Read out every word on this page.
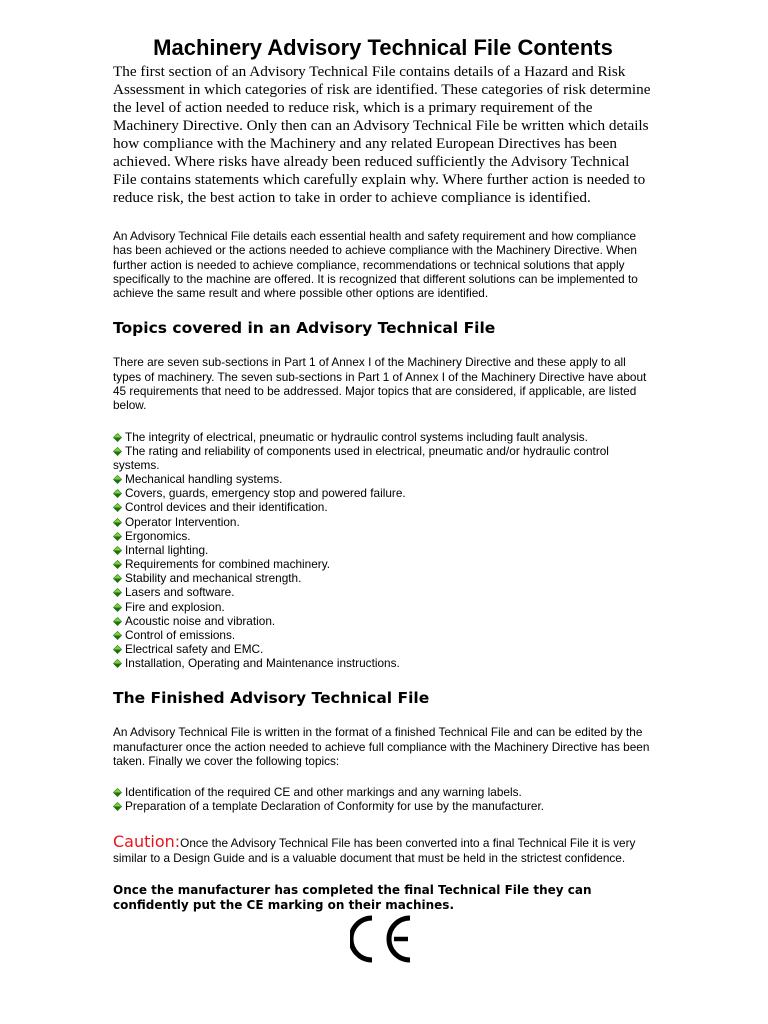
Machinery Advisory Technical File Contents

The first section of an Advisory Technical File contains details of a Hazard and Risk Assessment in which categories of risk are identified. These categories of risk determine the level of action needed to reduce risk, which is a primary requirement of the Machinery Directive. Only then can an Advisory Technical File be written which details how compliance with the Machinery and any related European Directives has been achieved. Where risks have already been reduced sufficiently the Advisory Technical File contains statements which carefully explain why. Where further action is needed to reduce risk, the best action to take in order to achieve compliance is identified.

An Advisory Technical File details each essential health and safety requirement and how compliance has been achieved or the actions needed to achieve compliance with the Machinery Directive. When further action is needed to achieve compliance, recommendations or technical solutions that apply specifically to the machine are offered. It is recognized that different solutions can be implemented to achieve the same result and where possible other options are identified.

Topics covered in an Advisory Technical File

There are seven sub-sections in Part 1 of Annex I of the Machinery Directive and these apply to all types of machinery. The seven sub-sections in Part 1 of Annex I of the Machinery Directive have about 45 requirements that need to be addressed. Major topics that are considered, if applicable, are listed below.

The integrity of electrical, pneumatic or hydraulic control systems including fault analysis.
The rating and reliability of components used in electrical, pneumatic and/or hydraulic control systems.
Mechanical handling systems.
Covers, guards, emergency stop and powered failure.
Control devices and their identification.
Operator Intervention.
Ergonomics.
Internal lighting.
Requirements for combined machinery.
Stability and mechanical strength.
Lasers and software.
Fire and explosion.
Acoustic noise and vibration.
Control of emissions.
Electrical safety and EMC.
Installation, Operating and Maintenance instructions.
The Finished Advisory Technical File

An Advisory Technical File is written in the format of a finished Technical File and can be edited by the manufacturer once the action needed to achieve full compliance with the Machinery Directive has been taken. Finally we cover the following topics:

Identification of the required CE and other markings and any warning labels.
Preparation of a template Declaration of Conformity for use by the manufacturer.

Caution:Once the Advisory Technical File has been converted into a final Technical File it is very similar to a Design Guide and is a valuable document that must be held in the strictest confidence.

Once the manufacturer has completed the final Technical File they can confidently put the CE marking on their machines.
